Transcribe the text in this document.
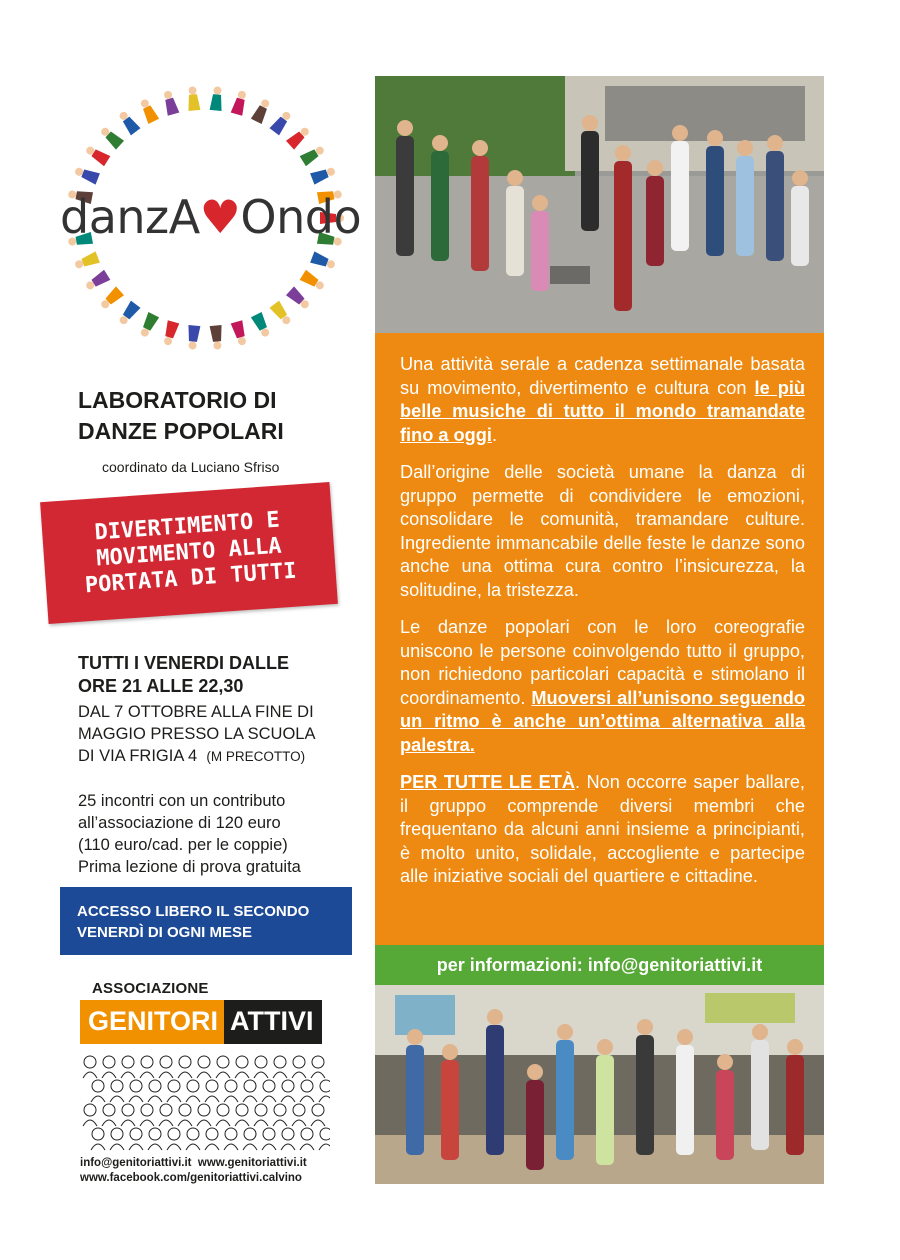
danzA♥Ondo
LABORATORIO DI
DANZE POPOLARI
coordinato da Luciano Sfriso
DIVERTIMENTO E
MOVIMENTO ALLA
PORTATA DI TUTTI
TUTTI I VENERDI DALLE
ORE 21 ALLE 22,30
DAL 7 OTTOBRE ALLA FINE DI
MAGGIO PRESSO LA SCUOLA
DI VIA FRIGIA 4 (M PRECOTTO)
25 incontri con un contributo
all’associazione di 120 euro
(110 euro/cad. per le coppie)
Prima lezione di prova gratuita
ACCESSO LIBERO IL SECONDO
VENERDÌ DI OGNI MESE
ASSOCIAZIONE
GENITORI ATTIVI
info@genitoriattivi.it www.genitoriattivi.it
www.facebook.com/genitoriattivi.calvino

Una attività serale a cadenza settimanale basata su movimento, divertimento e cultura con le più belle musiche di tutto il mondo tramandate fino a oggi.

Dall’origine delle società umane la danza di gruppo permette di condividere le emozioni, consolidare le comunità, tramandare culture. Ingrediente immancabile delle feste le danze sono anche una ottima cura contro l’insicurezza, la solitudine, la tristezza.

Le danze popolari con le loro coreografie uniscono le persone coinvolgendo tutto il gruppo, non richiedono particolari capacità e stimolano il coordinamento. Muoversi all’unisono seguendo un ritmo è anche un’ottima alternativa alla palestra.

PER TUTTE LE ETÀ. Non occorre saper ballare, il gruppo comprende diversi membri che frequentano da alcuni anni insieme a principianti, è molto unito, solidale, accogliente e partecipe alle iniziative sociali del quartiere e cittadine.

per informazioni: info@genitoriattivi.it
